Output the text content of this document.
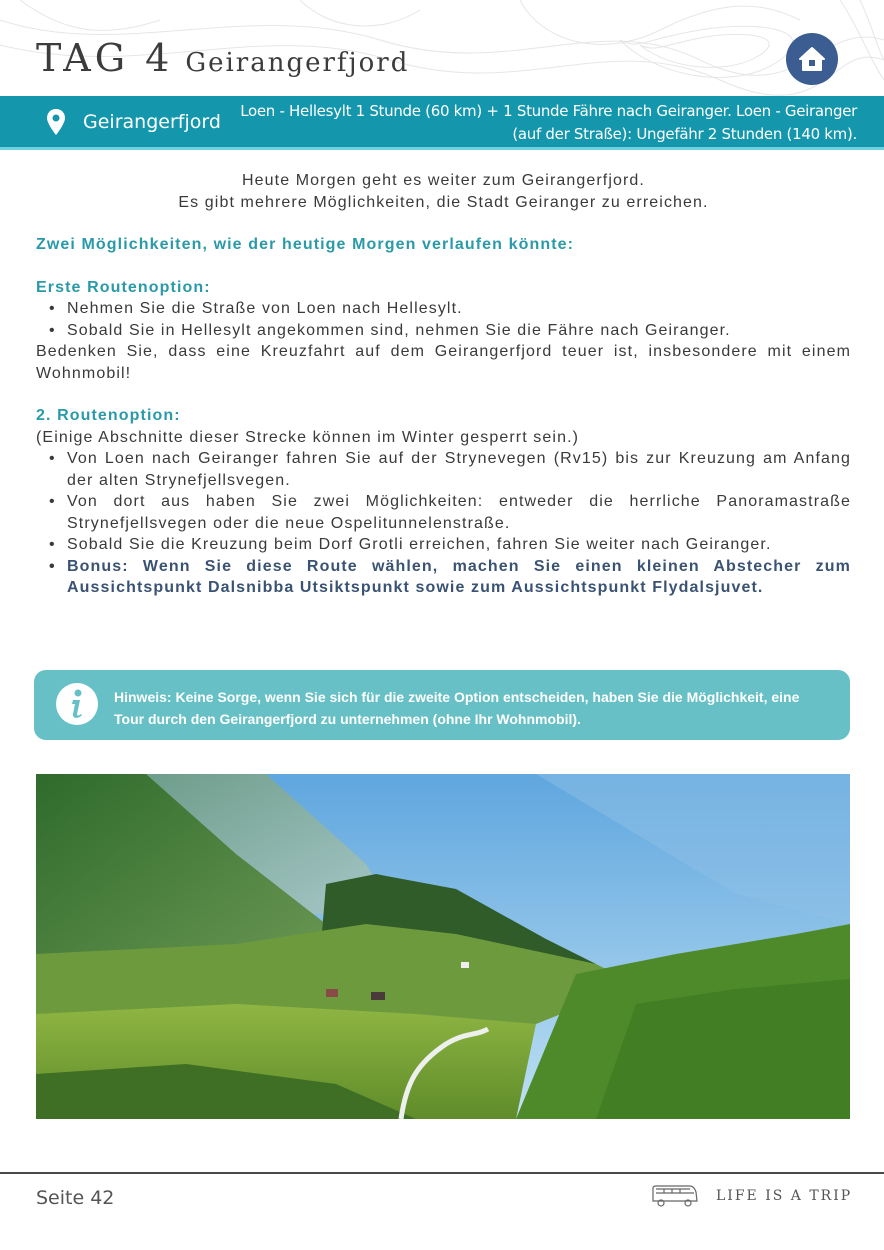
TAG 4 Geirangerfjord
Geirangerfjord Loen - Hellesylt 1 Stunde (60 km) + 1 Stunde Fähre nach Geiranger. Loen - Geiranger (auf der Straße): Ungefähr 2 Stunden (140 km).
Heute Morgen geht es weiter zum Geirangerfjord.
Es gibt mehrere Möglichkeiten, die Stadt Geiranger zu erreichen.
Zwei Möglichkeiten, wie der heutige Morgen verlaufen könnte:
Erste Routenoption:
• Nehmen Sie die Straße von Loen nach Hellesylt.
• Sobald Sie in Hellesylt angekommen sind, nehmen Sie die Fähre nach Geiranger.
Bedenken Sie, dass eine Kreuzfahrt auf dem Geirangerfjord teuer ist, insbesondere mit einem Wohnmobil!
2. Routenoption:
(Einige Abschnitte dieser Strecke können im Winter gesperrt sein.)
• Von Loen nach Geiranger fahren Sie auf der Strynevegen (Rv15) bis zur Kreuzung am Anfang der alten Strynefjellsvegen.
• Von dort aus haben Sie zwei Möglichkeiten: entweder die herrliche Panoramastraße Strynefjellsvegen oder die neue Ospelitunnelenstraße.
• Sobald Sie die Kreuzung beim Dorf Grotli erreichen, fahren Sie weiter nach Geiranger.
• Bonus: Wenn Sie diese Route wählen, machen Sie einen kleinen Abstecher zum Aussichtspunkt Dalsnibba Utsiktspunkt sowie zum Aussichtspunkt Flydalsjuvet.
Hinweis: Keine Sorge, wenn Sie sich für die zweite Option entscheiden, haben Sie die Möglichkeit, eine Tour durch den Geirangerfjord zu unternehmen (ohne Ihr Wohnmobil).
Seite 42	LIFE IS A TRIP
